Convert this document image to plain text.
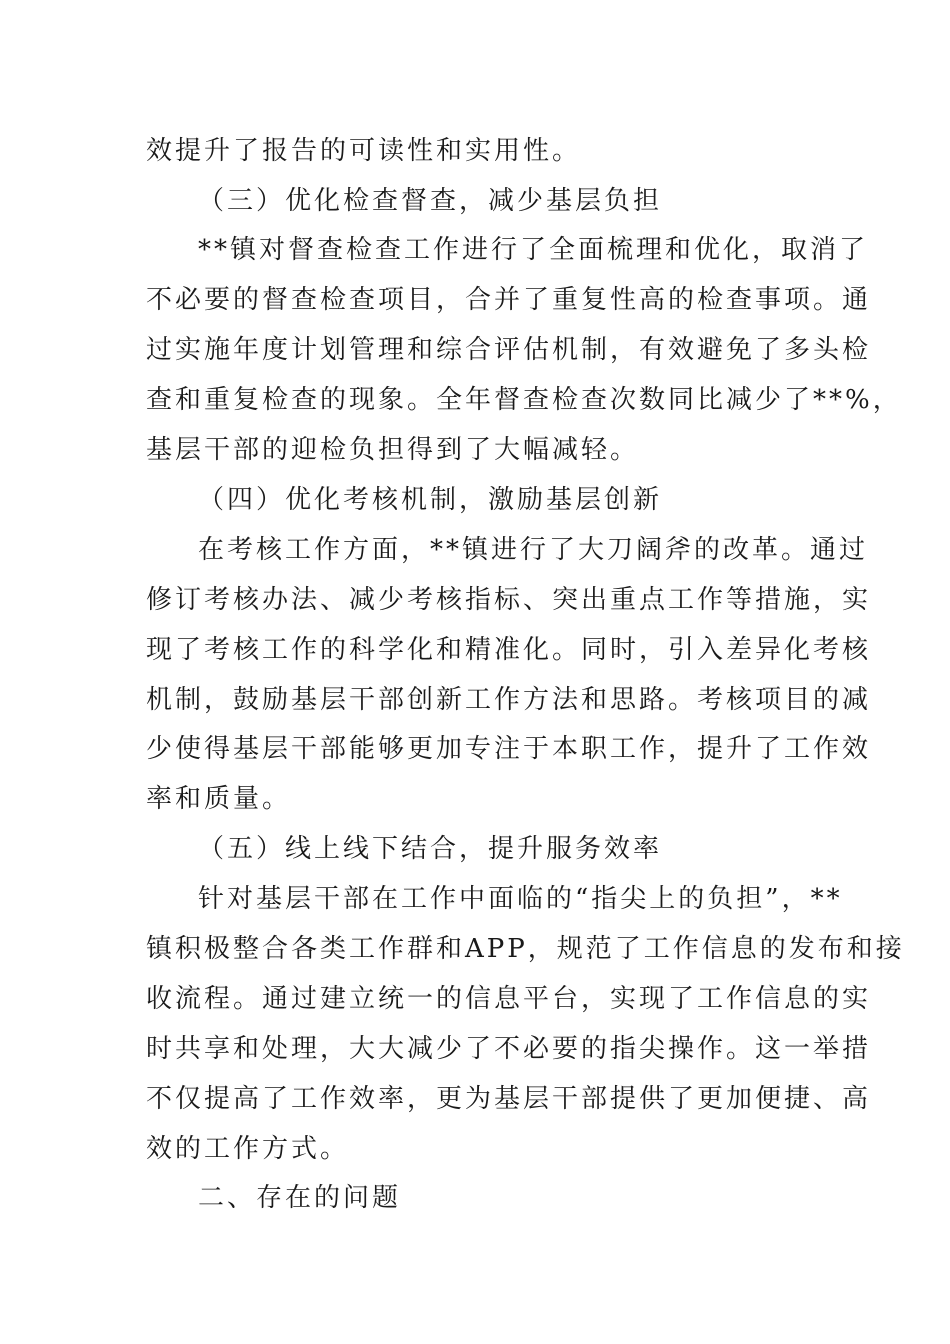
效提升了报告的可读性和实用性。
（三）优化检查督查，减少基层负担
**镇对督查检查工作进行了全面梳理和优化，取消了
不必要的督查检查项目，合并了重复性高的检查事项。通
过实施年度计划管理和综合评估机制，有效避免了多头检
查和重复检查的现象。全年督查检查次数同比减少了**%，
基层干部的迎检负担得到了大幅减轻。
（四）优化考核机制，激励基层创新
在考核工作方面，**镇进行了大刀阔斧的改革。通过
修订考核办法、减少考核指标、突出重点工作等措施，实
现了考核工作的科学化和精准化。同时，引入差异化考核
机制，鼓励基层干部创新工作方法和思路。考核项目的减
少使得基层干部能够更加专注于本职工作，提升了工作效
率和质量。
（五）线上线下结合，提升服务效率
针对基层干部在工作中面临的“指尖上的负担”，**
镇积极整合各类工作群和APP，规范了工作信息的发布和接
收流程。通过建立统一的信息平台，实现了工作信息的实
时共享和处理，大大减少了不必要的指尖操作。这一举措
不仅提高了工作效率，更为基层干部提供了更加便捷、高
效的工作方式。
二、存在的问题
